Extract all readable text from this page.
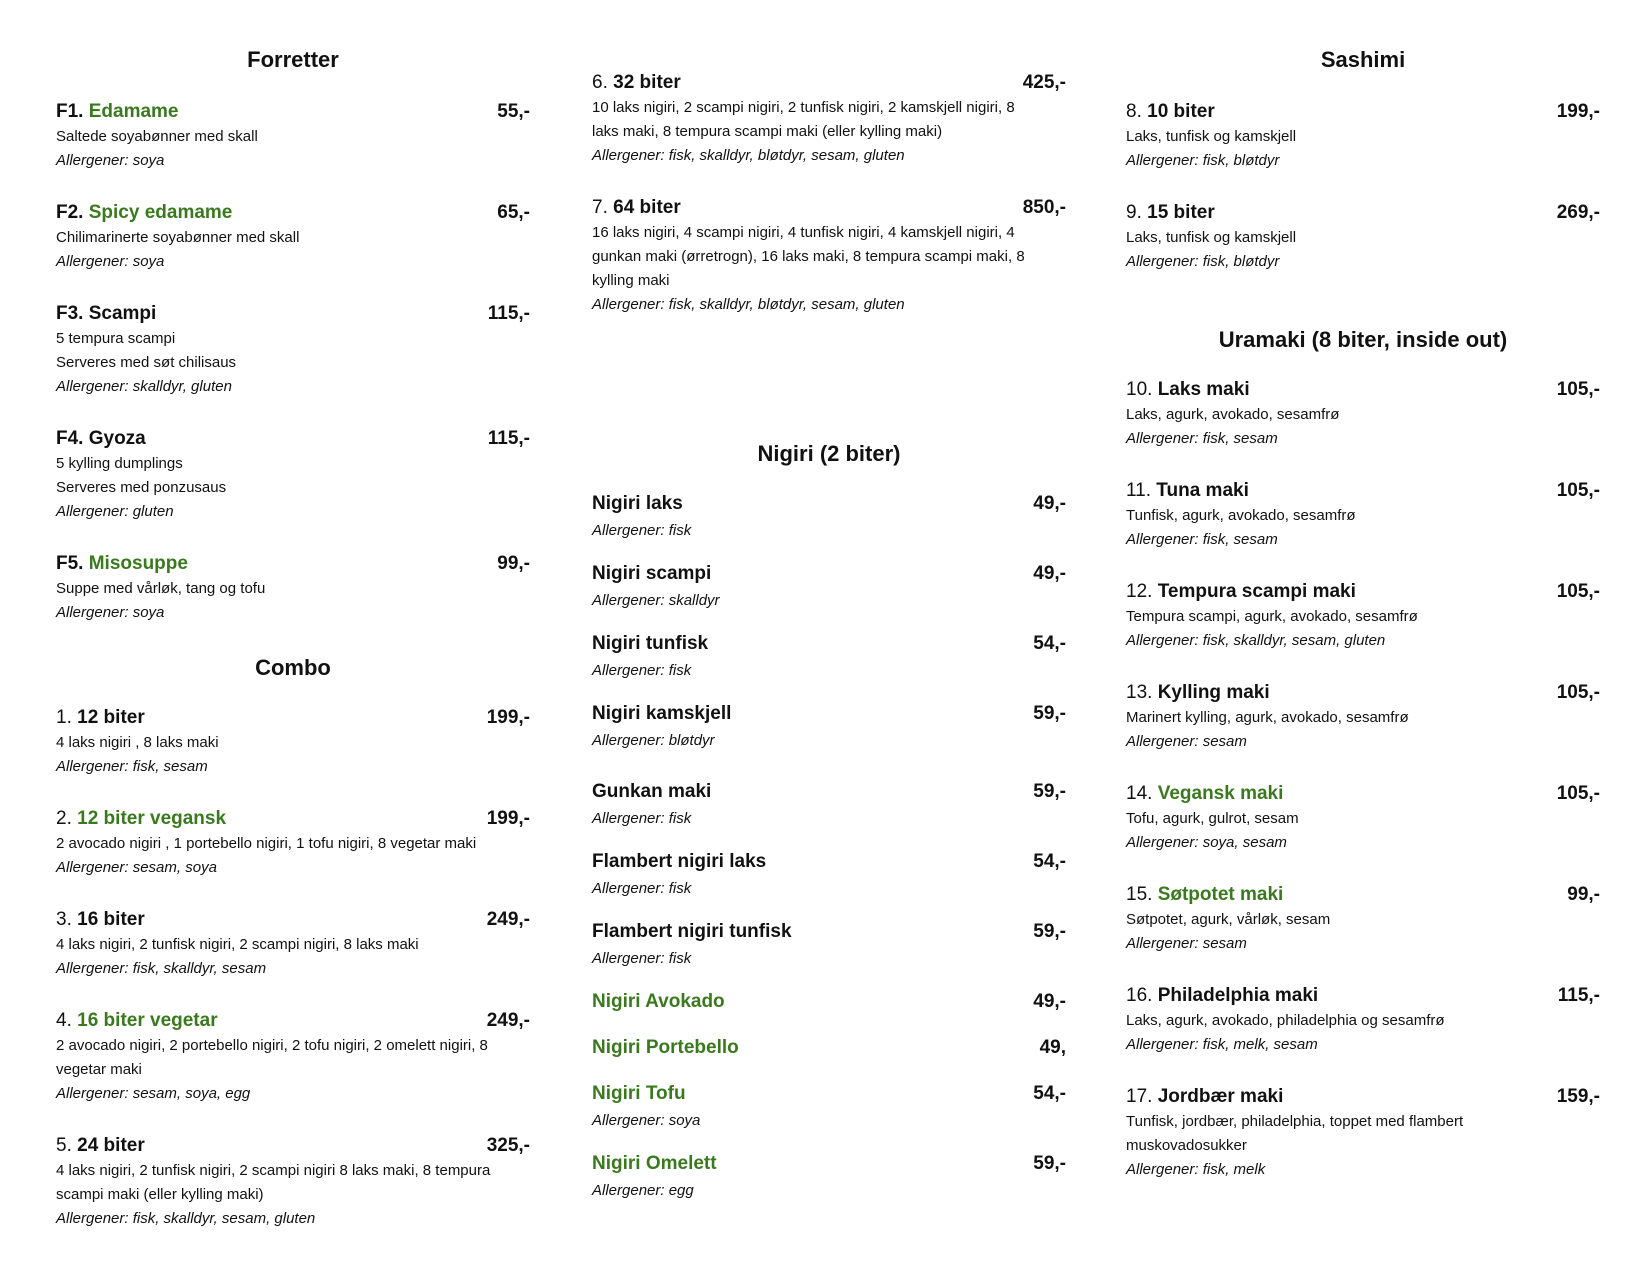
Forretter
F1. Edamame	55,-
Saltede soyabønner med skall
Allergener: soya
F2. Spicy edamame	65,-
Chilimarinerte soyabønner med skall
Allergener: soya
F3. Scampi	115,-
5 tempura scampi
Serveres med søt chilisaus
Allergener: skalldyr, gluten
F4. Gyoza	115,-
5 kylling dumplings
Serveres med ponzusaus
Allergener: gluten
F5. Misosuppe	99,-
Suppe med vårløk, tang og tofu
Allergener: soya
Combo
1. 12 biter	199,-
4 laks nigiri , 8 laks maki
Allergener: fisk, sesam
2. 12 biter vegansk	199,-
2 avocado nigiri , 1 portebello nigiri, 1 tofu nigiri, 8 vegetar maki
Allergener: sesam, soya
3. 16 biter	249,-
4 laks nigiri, 2 tunfisk nigiri, 2 scampi nigiri, 8 laks maki
Allergener: fisk, skalldyr, sesam
4. 16 biter vegetar	249,-
2 avocado nigiri, 2 portebello nigiri, 2 tofu nigiri, 2 omelett nigiri, 8
vegetar maki
Allergener: sesam, soya, egg
5. 24 biter	325,-
4 laks nigiri, 2 tunfisk nigiri, 2 scampi nigiri 8 laks maki, 8 tempura
scampi maki (eller kylling maki)
Allergener: fisk, skalldyr, sesam, gluten
6. 32 biter	425,-
10 laks nigiri, 2 scampi nigiri, 2 tunfisk nigiri, 2 kamskjell nigiri, 8
laks maki, 8 tempura scampi maki (eller kylling maki)
Allergener: fisk, skalldyr, bløtdyr, sesam, gluten
7. 64 biter	850,-
16 laks nigiri, 4 scampi nigiri, 4 tunfisk nigiri, 4 kamskjell nigiri, 4
gunkan maki (ørretrogn), 16 laks maki, 8 tempura scampi maki, 8
kylling maki
Allergener: fisk, skalldyr, bløtdyr, sesam, gluten
Nigiri (2 biter)
Nigiri laks	49,-
Allergener: fisk
Nigiri scampi	49,-
Allergener: skalldyr
Nigiri tunfisk	54,-
Allergener: fisk
Nigiri kamskjell	59,-
Allergener: bløtdyr
Gunkan maki	59,-
Allergener: fisk
Flambert nigiri laks	54,-
Allergener: fisk
Flambert nigiri tunfisk	59,-
Allergener: fisk
Nigiri Avokado	49,-
Nigiri Portebello	49,
Nigiri Tofu	54,-
Allergener: soya
Nigiri Omelett	59,-
Allergener: egg
Sashimi
8. 10 biter	199,-
Laks, tunfisk og kamskjell
Allergener: fisk, bløtdyr
9. 15 biter	269,-
Laks, tunfisk og kamskjell
Allergener: fisk, bløtdyr
Uramaki (8 biter, inside out)
10. Laks maki	105,-
Laks, agurk, avokado, sesamfrø
Allergener: fisk, sesam
11. Tuna maki	105,-
Tunfisk, agurk, avokado, sesamfrø
Allergener: fisk, sesam
12. Tempura scampi maki	105,-
Tempura scampi, agurk, avokado, sesamfrø
Allergener: fisk, skalldyr, sesam, gluten
13. Kylling maki	105,-
Marinert kylling, agurk, avokado, sesamfrø
Allergener: sesam
14. Vegansk maki	105,-
Tofu, agurk, gulrot, sesam
Allergener: soya, sesam
15. Søtpotet maki	99,-
Søtpotet, agurk, vårløk, sesam
Allergener: sesam
16. Philadelphia maki	115,-
Laks, agurk, avokado, philadelphia og sesamfrø
Allergener: fisk, melk, sesam
17. Jordbær maki	159,-
Tunfisk, jordbær, philadelphia, toppet med flambert
muskovadosukker
Allergener: fisk, melk
